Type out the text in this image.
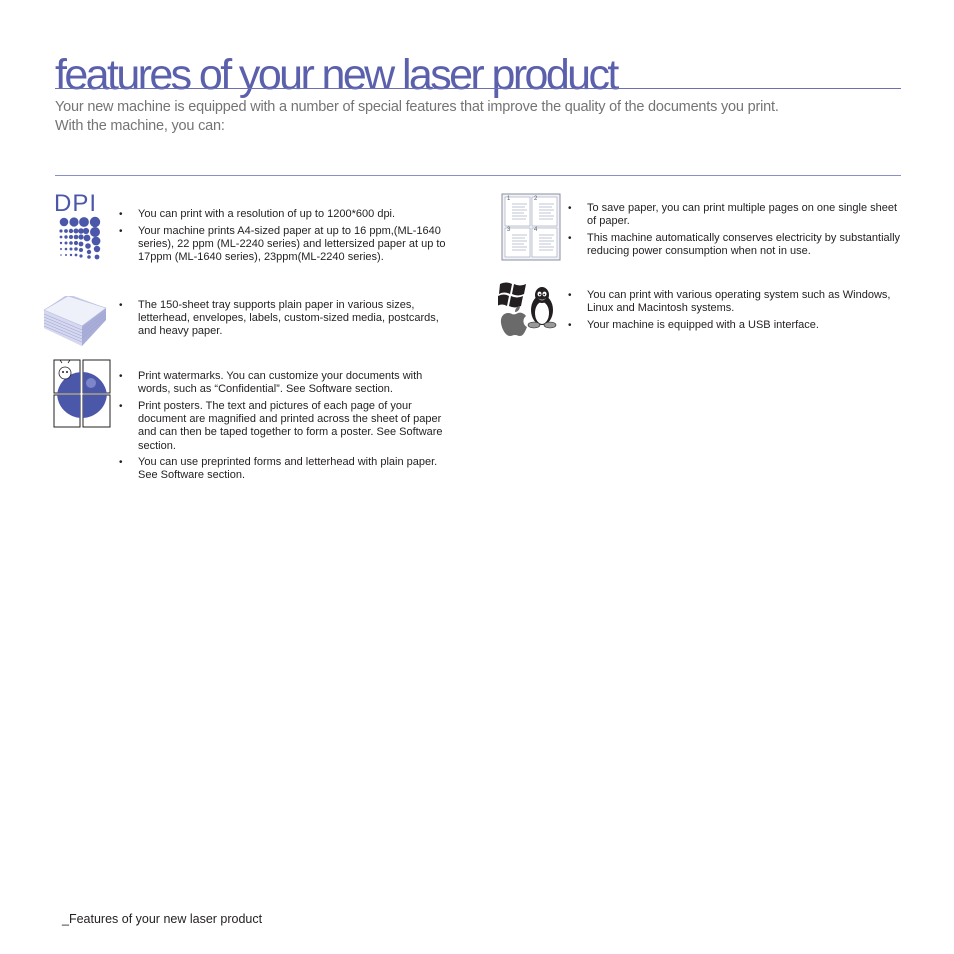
features of your new laser product

Your new machine is equipped with a number of special features that improve the quality of the documents you print.

With the machine, you can:

DPI
•	You can print with a resolution of up to 1200*600 dpi.
• Your machine prints A4-sized paper at up to 16 ppm,(ML-1640 series), 22 ppm (ML-2240 series) and lettersized paper at up to 17ppm (ML-1640 series), 23ppm(ML-2240 series).
• The 150-sheet tray supports plain paper in various sizes, letterhead, envelopes, labels, custom-sized media, postcards, and heavy paper.
• Print watermarks. You can customize your documents with words, such as “Confidential”. See Software section.
• Print posters. The text and pictures of each page of your document are magnified and printed across the sheet of paper and can then be taped together to form a poster. See Software section.
• You can use preprinted forms and letterhead with plain paper. See Software section.
1	2
3	4
• To save paper, you can print multiple pages on one single sheet of paper.
• This machine automatically conserves electricity by substantially reducing power consumption when not in use.
• You can print with various operating system such as Windows, Linux and Macintosh systems.
• Your machine is equipped with a USB interface.
_Features of your new laser product
